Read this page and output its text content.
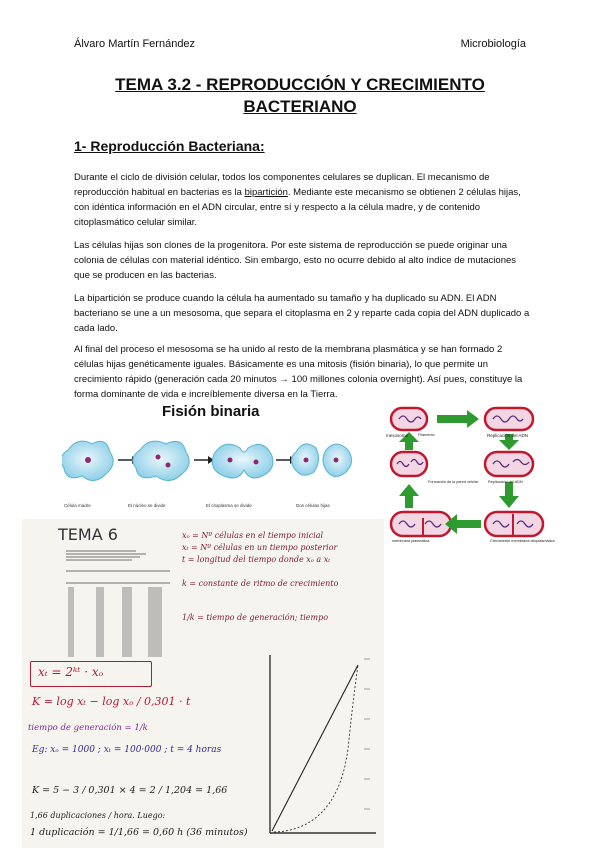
Álvaro Martín Fernández	Microbiología
TEMA 3.2 - REPRODUCCIÓN Y CRECIMIENTO
BACTERIANO
1- Reproducción Bacteriana:
Durante el ciclo de división celular, todos los componentes celulares se duplican. El mecanismo de reproducción habitual en bacterias es la bipartición. Mediante este mecanismo se obtienen 2 células hijas, con idéntica información en el ADN circular, entre sí y respecto a la célula madre, y de contenido citoplasmático celular similar.
Las células hijas son clones de la progenitora. Por este sistema de reproducción se puede originar una colonia de células con material idéntico. Sin embargo, esto no ocurre debido al alto índice de mutaciones que se producen en las bacterias.
La bipartición se produce cuando la célula ha aumentado su tamaño y ha duplicado su ADN. El ADN bacteriano se une a un mesosoma, que separa el citoplasma en 2 y reparte cada copia del ADN duplicado a cada lado.
Al final del proceso el mesosoma se ha unido al resto de la membrana plasmática y se han formado 2 células hijas genéticamente iguales. Básicamente es una mitosis (fisión binaria), lo que permite un crecimiento rápido (generación cada 20 minutos → 100 millones colonia overnight). Así pues, constituye la forma dominante de vida e increíblemente diversa en la Tierra.
Fisión binaria
Célula madre	El núcleo se divide	El citoplasma se divide	Dos células hijas
mesosoma	Filamento	Replicación del ADN
Replicación del ADN
Formación de la pared celular
Crecimiento membrana citoplasmática
membrana plasmática
TEMA 6	xₒ = Nº células en el tiempo inicial
xₜ = Nº células en un tiempo posterior
t = longitud del tiempo donde xₒ a xₜ
k = constante de ritmo de crecimiento
1/k = tiempo de generación; tiempo
xₜ = 2ᵏᵗ · xₒ
K = log xₜ − log xₒ / 0,301 · t
tiempo de generación = 1/k
Eg: xₒ = 1000 ; xₜ = 100·000 ; t = 4 horas
K = 5 − 3 / 0,301 × 4 = 2 / 1,204 = 1,66
1,66 duplicaciones / hora. Luego:
1 duplicación = 1/1,66 = 0,60 h (36 minutos)
